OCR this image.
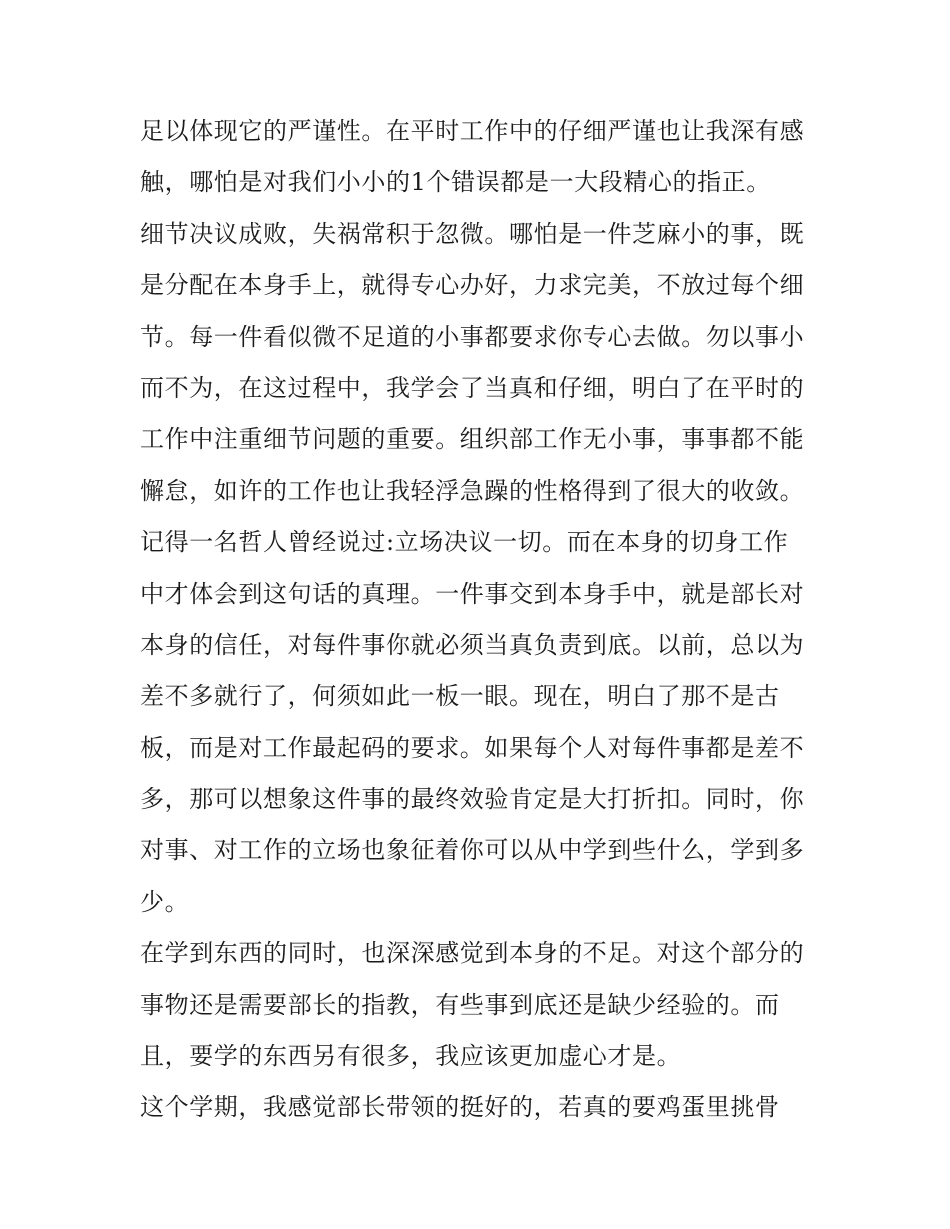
足以体现它的严谨性。在平时工作中的仔细严谨也让我深有感
触，哪怕是对我们小小的1个错误都是一大段精心的指正。
细节决议成败，失祸常积于忽微。哪怕是一件芝麻小的事，既
是分配在本身手上，就得专心办好，力求完美，不放过每个细
节。每一件看似微不足道的小事都要求你专心去做。勿以事小
而不为，在这过程中，我学会了当真和仔细，明白了在平时的
工作中注重细节问题的重要。组织部工作无小事，事事都不能
懈怠，如许的工作也让我轻浮急躁的性格得到了很大的收敛。
记得一名哲人曾经说过:立场决议一切。而在本身的切身工作
中才体会到这句话的真理。一件事交到本身手中，就是部长对
本身的信任，对每件事你就必须当真负责到底。以前，总以为
差不多就行了，何须如此一板一眼。现在，明白了那不是古
板，而是对工作最起码的要求。如果每个人对每件事都是差不
多，那可以想象这件事的最终效验肯定是大打折扣。同时，你
对事、对工作的立场也象征着你可以从中学到些什么，学到多
少。
在学到东西的同时，也深深感觉到本身的不足。对这个部分的
事物还是需要部长的指教，有些事到底还是缺少经验的。而
且，要学的东西另有很多，我应该更加虚心才是。
这个学期，我感觉部长带领的挺好的，若真的要鸡蛋里挑骨
